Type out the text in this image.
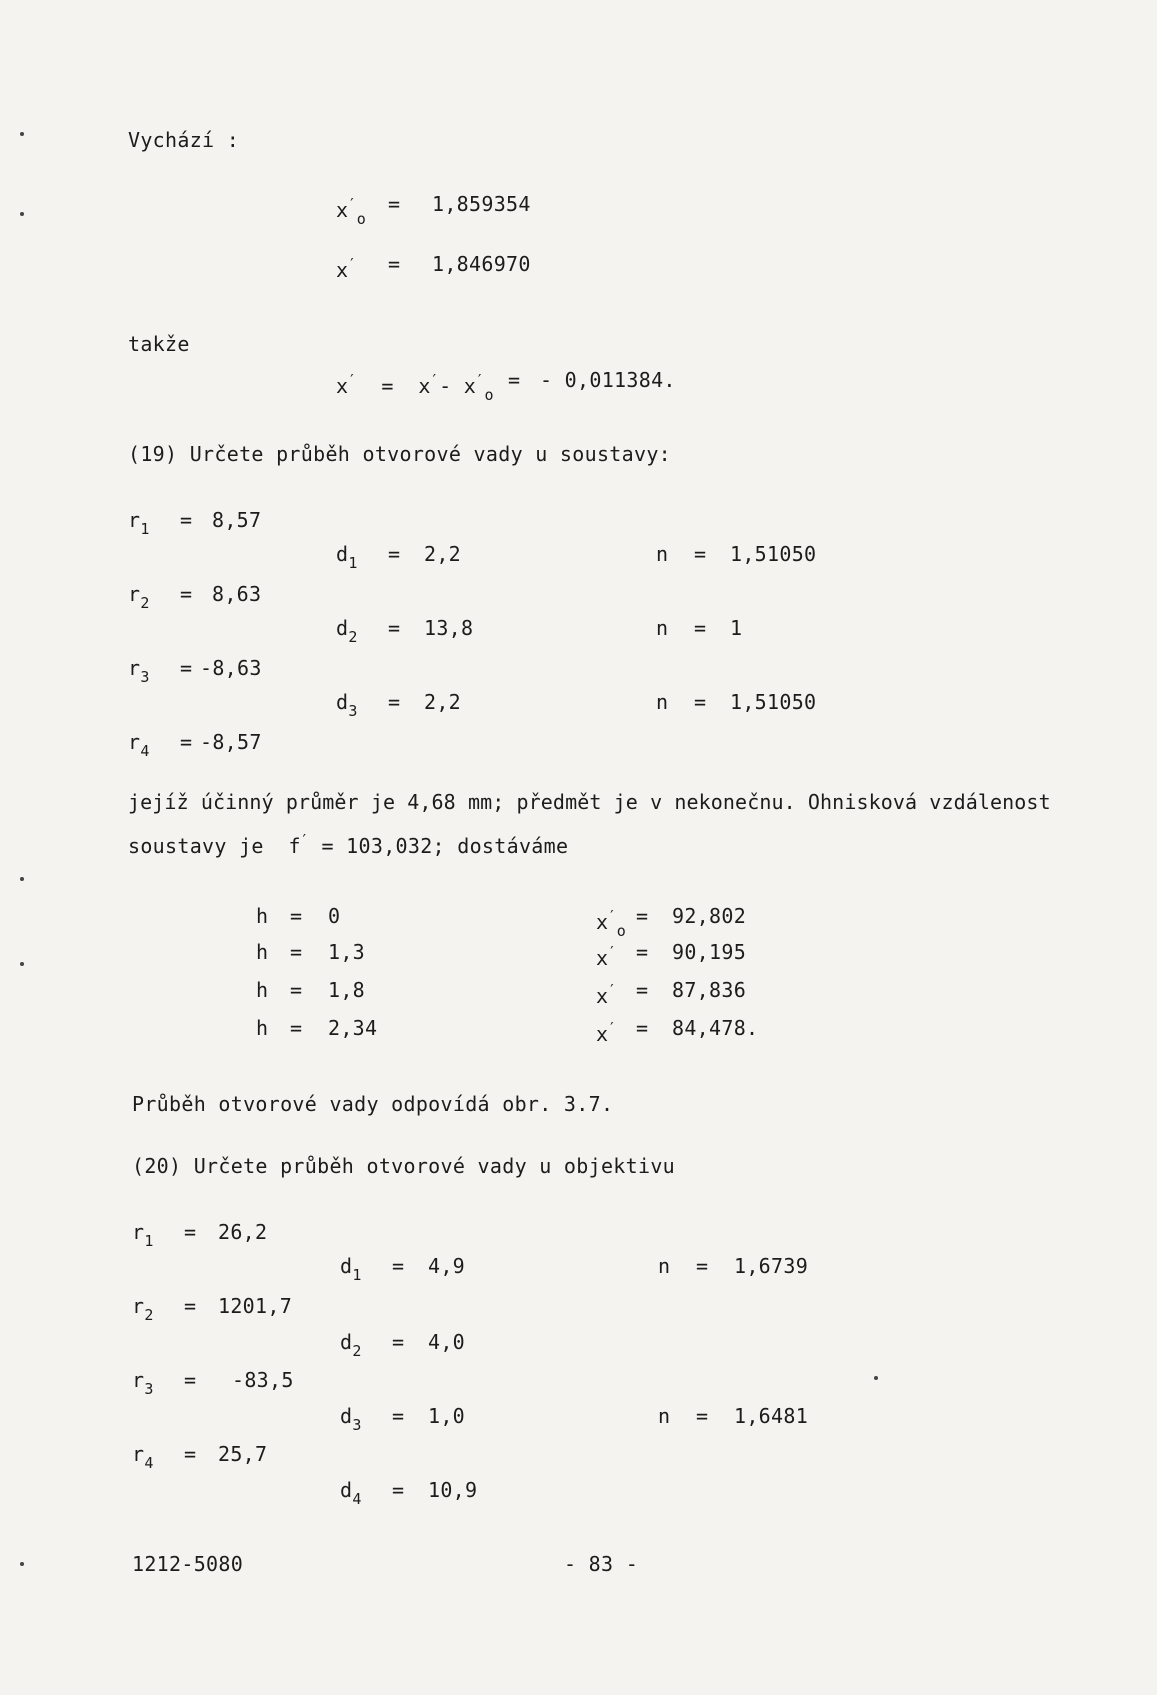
Vychází :
$x'_o$
= 1,859354
x′ = 1,846970
takže
x′  =  x′- $x'_o$
= - 0,011384.
(19) Určete průběh otvorové vady u soustavy:
$r_1 = 8,57$
$r_2 = 8,63$
$r_3 = -8,63$
$r_4 = -8,57$
$d_1 = 2,2$
$d_2 = 13,8$
$d_3 = 2,2$
n = 1,51050
n = 1
n = 1,51050
jejíž účinný průměr je 4,68 mm; předmět je v nekonečnu. Ohnisková vzdálenost
soustavy je  f′ = 103,032; dostáváme
h = 0
h = 1,3
h = 1,8
h = 2,34
$x'_o$
= 92,802
x′ = 90,195
x′ = 87,836
x′ = 84,478.
Průběh otvorové vady odpovídá obr. 3.7.
(20) Určete průběh otvorové vady u objektivu
$r_1 = 26,2$
$r_2 = 1201,7$
$r_3 = -83,5$
$r_4 = 25,7$
$d_1 = 4,9$
$d_2 = 4,0$
$d_3 = 1,0$
$d_4 = 10,9$
n = 1,6739
n = 1,6481
1212-5080	- 83 -
